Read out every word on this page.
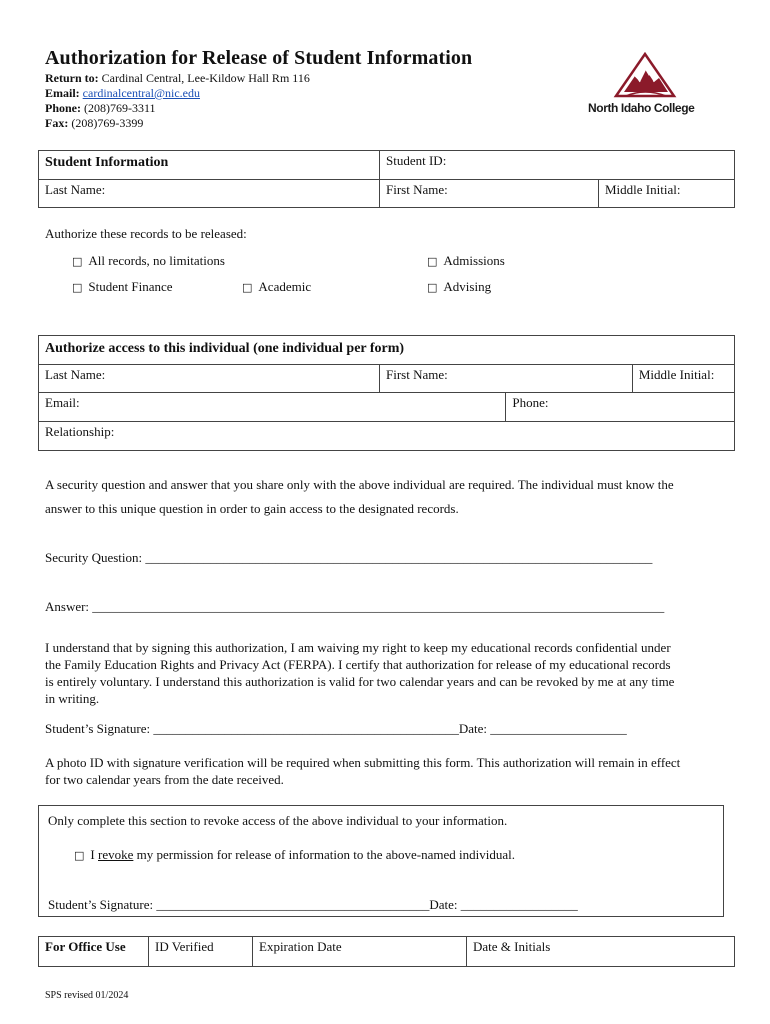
Authorization for Release of Student Information
Return to: Cardinal Central, Lee-Kildow Hall Rm 116
Email: cardinalcentral@nic.edu
Phone: (208)769-3311
Fax: (208)769-3399
North Idaho College
Student Information	Student ID:	
Last Name:	First Name:	Middle Initial:
Authorize these records to be released:
□ All records, no limitations	□ Admissions
□ Student Finance	□ Academic	□ Advising
Authorize access to this individual (one individual per form)			
Last Name:	First Name:		Middle Initial:
Email:		Phone:	
Relationship:			
A security question and answer that you share only with the above individual are required. The individual must know the
answer to this unique question in order to gain access to the designated records.
Security Question: ______________________________________________________________________________
Answer: ________________________________________________________________________________________
I understand that by signing this authorization, I am waiving my right to keep my educational records confidential under
the Family Education Rights and Privacy Act (FERPA). I certify that authorization for release of my educational records
is entirely voluntary. I understand this authorization is valid for two calendar years and can be revoked by me at any time
in writing.
Student’s Signature: _______________________________________________Date: _____________________
A photo ID with signature verification will be required when submitting this form. This authorization will remain in effect
for two calendar years from the date received.
Only complete this section to revoke access of the above individual to your information.
□ I revoke my permission for release of information to the above-named individual.
Student’s Signature: __________________________________________Date: __________________
For Office Use	ID Verified	Expiration Date	Date & Initials
SPS revised 01/2024
